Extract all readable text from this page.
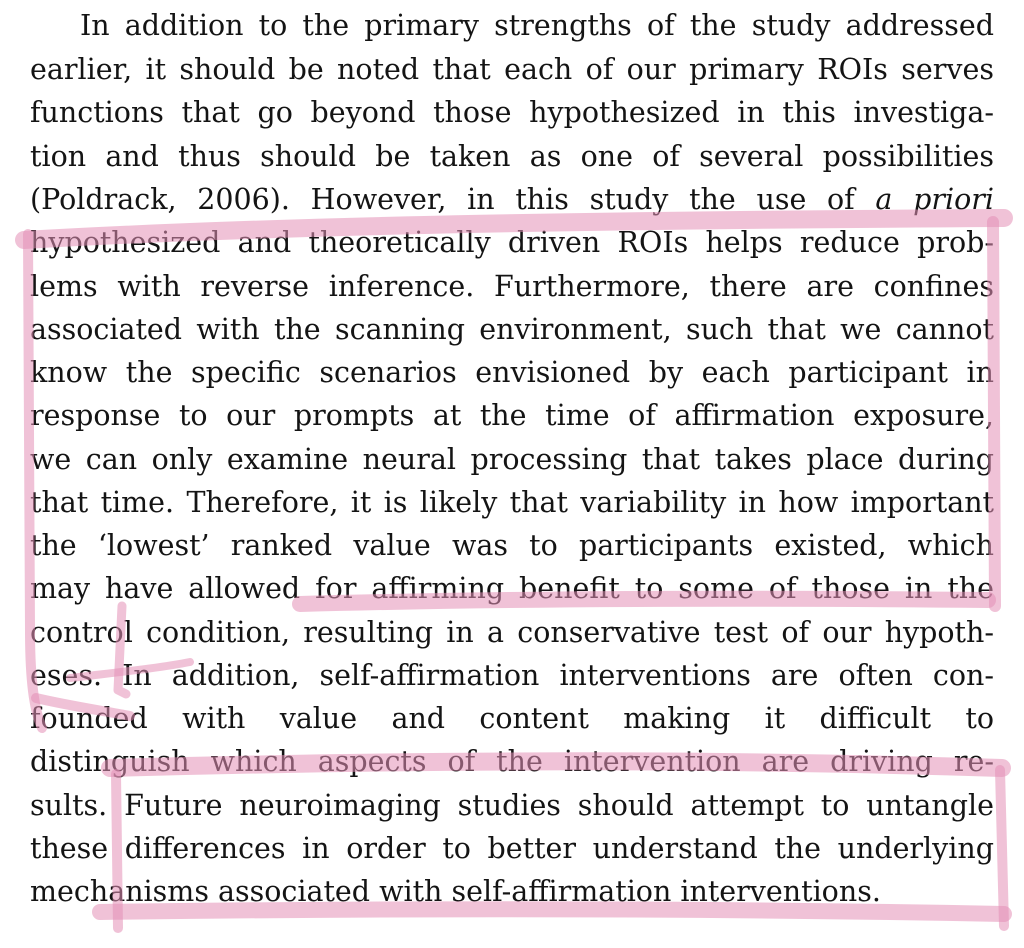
In addition to the primary strengths of the study addressed
earlier, it should be noted that each of our primary ROIs serves
functions that go beyond those hypothesized in this investiga-
tion and thus should be taken as one of several possibilities
(Poldrack, 2006). However, in this study the use of a priori
hypothesized and theoretically driven ROIs helps reduce prob-
lems with reverse inference. Furthermore, there are confines
associated with the scanning environment, such that we cannot
know the specific scenarios envisioned by each participant in
response to our prompts at the time of affirmation exposure,
we can only examine neural processing that takes place during
that time. Therefore, it is likely that variability in how important
the ‘lowest’ ranked value was to participants existed, which
may have allowed for affirming benefit to some of those in the
control condition, resulting in a conservative test of our hypoth-
eses. In addition, self-affirmation interventions are often con-
founded with value and content making it difficult to
distinguish which aspects of the intervention are driving re-
sults. Future neuroimaging studies should attempt to untangle
these differences in order to better understand the underlying
mechanisms associated with self-affirmation interventions.
